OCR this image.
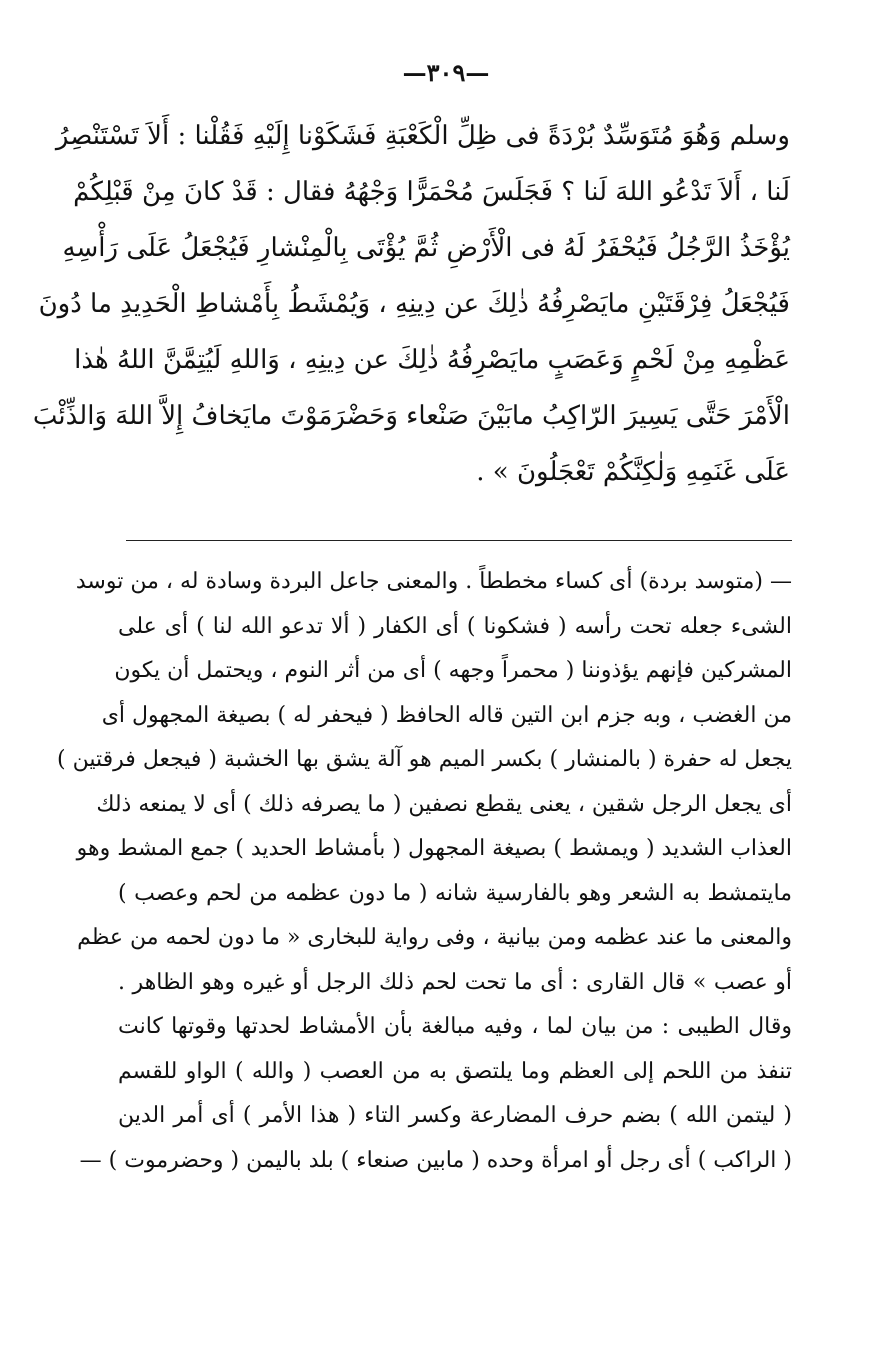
—٣٠٩—
وسلم وَهُوَ مُتَوَسِّدٌ بُرْدَةً فى ظِلِّ الْكَعْبَةِ فَشَكَوْنا إِلَيْهِ فَقُلْنا : أَلاَ تَسْتَنْصِرُ
لَنا ، أَلاَ تَدْعُو اللهَ لَنا ؟ فَجَلَسَ مُحْمَرًّا وَجْهُهُ فقال : قَدْ كانَ مِنْ قَبْلِكُمْ
يُؤْخَذُ الرَّجُلُ فَيُحْفَرُ لَهُ فى الْأَرْضِ ثُمَّ يُؤْتَى بِالْمِنْشارِ فَيُجْعَلُ عَلَى رَأْسِهِ
فَيُجْعَلُ فِرْقَتَيْنِ مايَصْرِفُهُ ذٰلِكَ عن دِينِهِ ، وَيُمْشَطُ بِأَمْشاطِ الْحَدِيدِ ما دُونَ
عَظْمِهِ مِنْ لَحْمٍ وَعَصَبٍ مايَصْرِفُهُ ذٰلِكَ عن دِينِهِ ، وَاللهِ لَيُتِمَّنَّ اللهُ هٰذا
الْأَمْرَ حَتَّى يَسِيرَ الرّاكِبُ مابَيْنَ صَنْعاء وَحَضْرَمَوْتَ مايَخافُ إِلاَّ اللهَ وَالذِّئْبَ
عَلَى غَنَمِهِ وَلٰكِنَّكُمْ تَعْجَلُونَ » .
— (متوسد بردة) أى كساء مخططاً . والمعنى جاعل البردة وسادة له ، من توسد
الشىء جعله تحت رأسه ( فشكونا ) أى الكفار ( ألا تدعو الله لنا ) أى على
المشركين فإنهم يؤذوننا ( محمراً وجهه ) أى من أثر النوم ، ويحتمل أن يكون
من الغضب ، وبه جزم ابن التين قاله الحافظ ( فيحفر له ) بصيغة المجهول أى
يجعل له حفرة ( بالمنشار ) بكسر الميم هو آلة يشق بها الخشبة ( فيجعل فرقتين )
أى يجعل الرجل شقين ، يعنى يقطع نصفين ( ما يصرفه ذلك ) أى لا يمنعه ذلك
العذاب الشديد ( ويمشط ) بصيغة المجهول ( بأمشاط الحديد ) جمع المشط وهو
مايتمشط به الشعر وهو بالفارسية شانه ( ما دون عظمه من لحم وعصب )
والمعنى ما عند عظمه ومن بيانية ، وفى رواية للبخارى « ما دون لحمه من عظم
أو عصب » قال القارى : أى ما تحت لحم ذلك الرجل أو غيره وهو الظاهر .
وقال الطيبى : من بيان لما ، وفيه مبالغة بأن الأمشاط لحدتها وقوتها كانت
تنفذ من اللحم إلى العظم وما يلتصق به من العصب ( والله ) الواو للقسم
( ليتمن الله ) بضم حرف المضارعة وكسر التاء ( هذا الأمر ) أى أمر الدين
( الراكب ) أى رجل أو امرأة وحده ( مابين صنعاء ) بلد باليمن ( وحضرموت ) —
